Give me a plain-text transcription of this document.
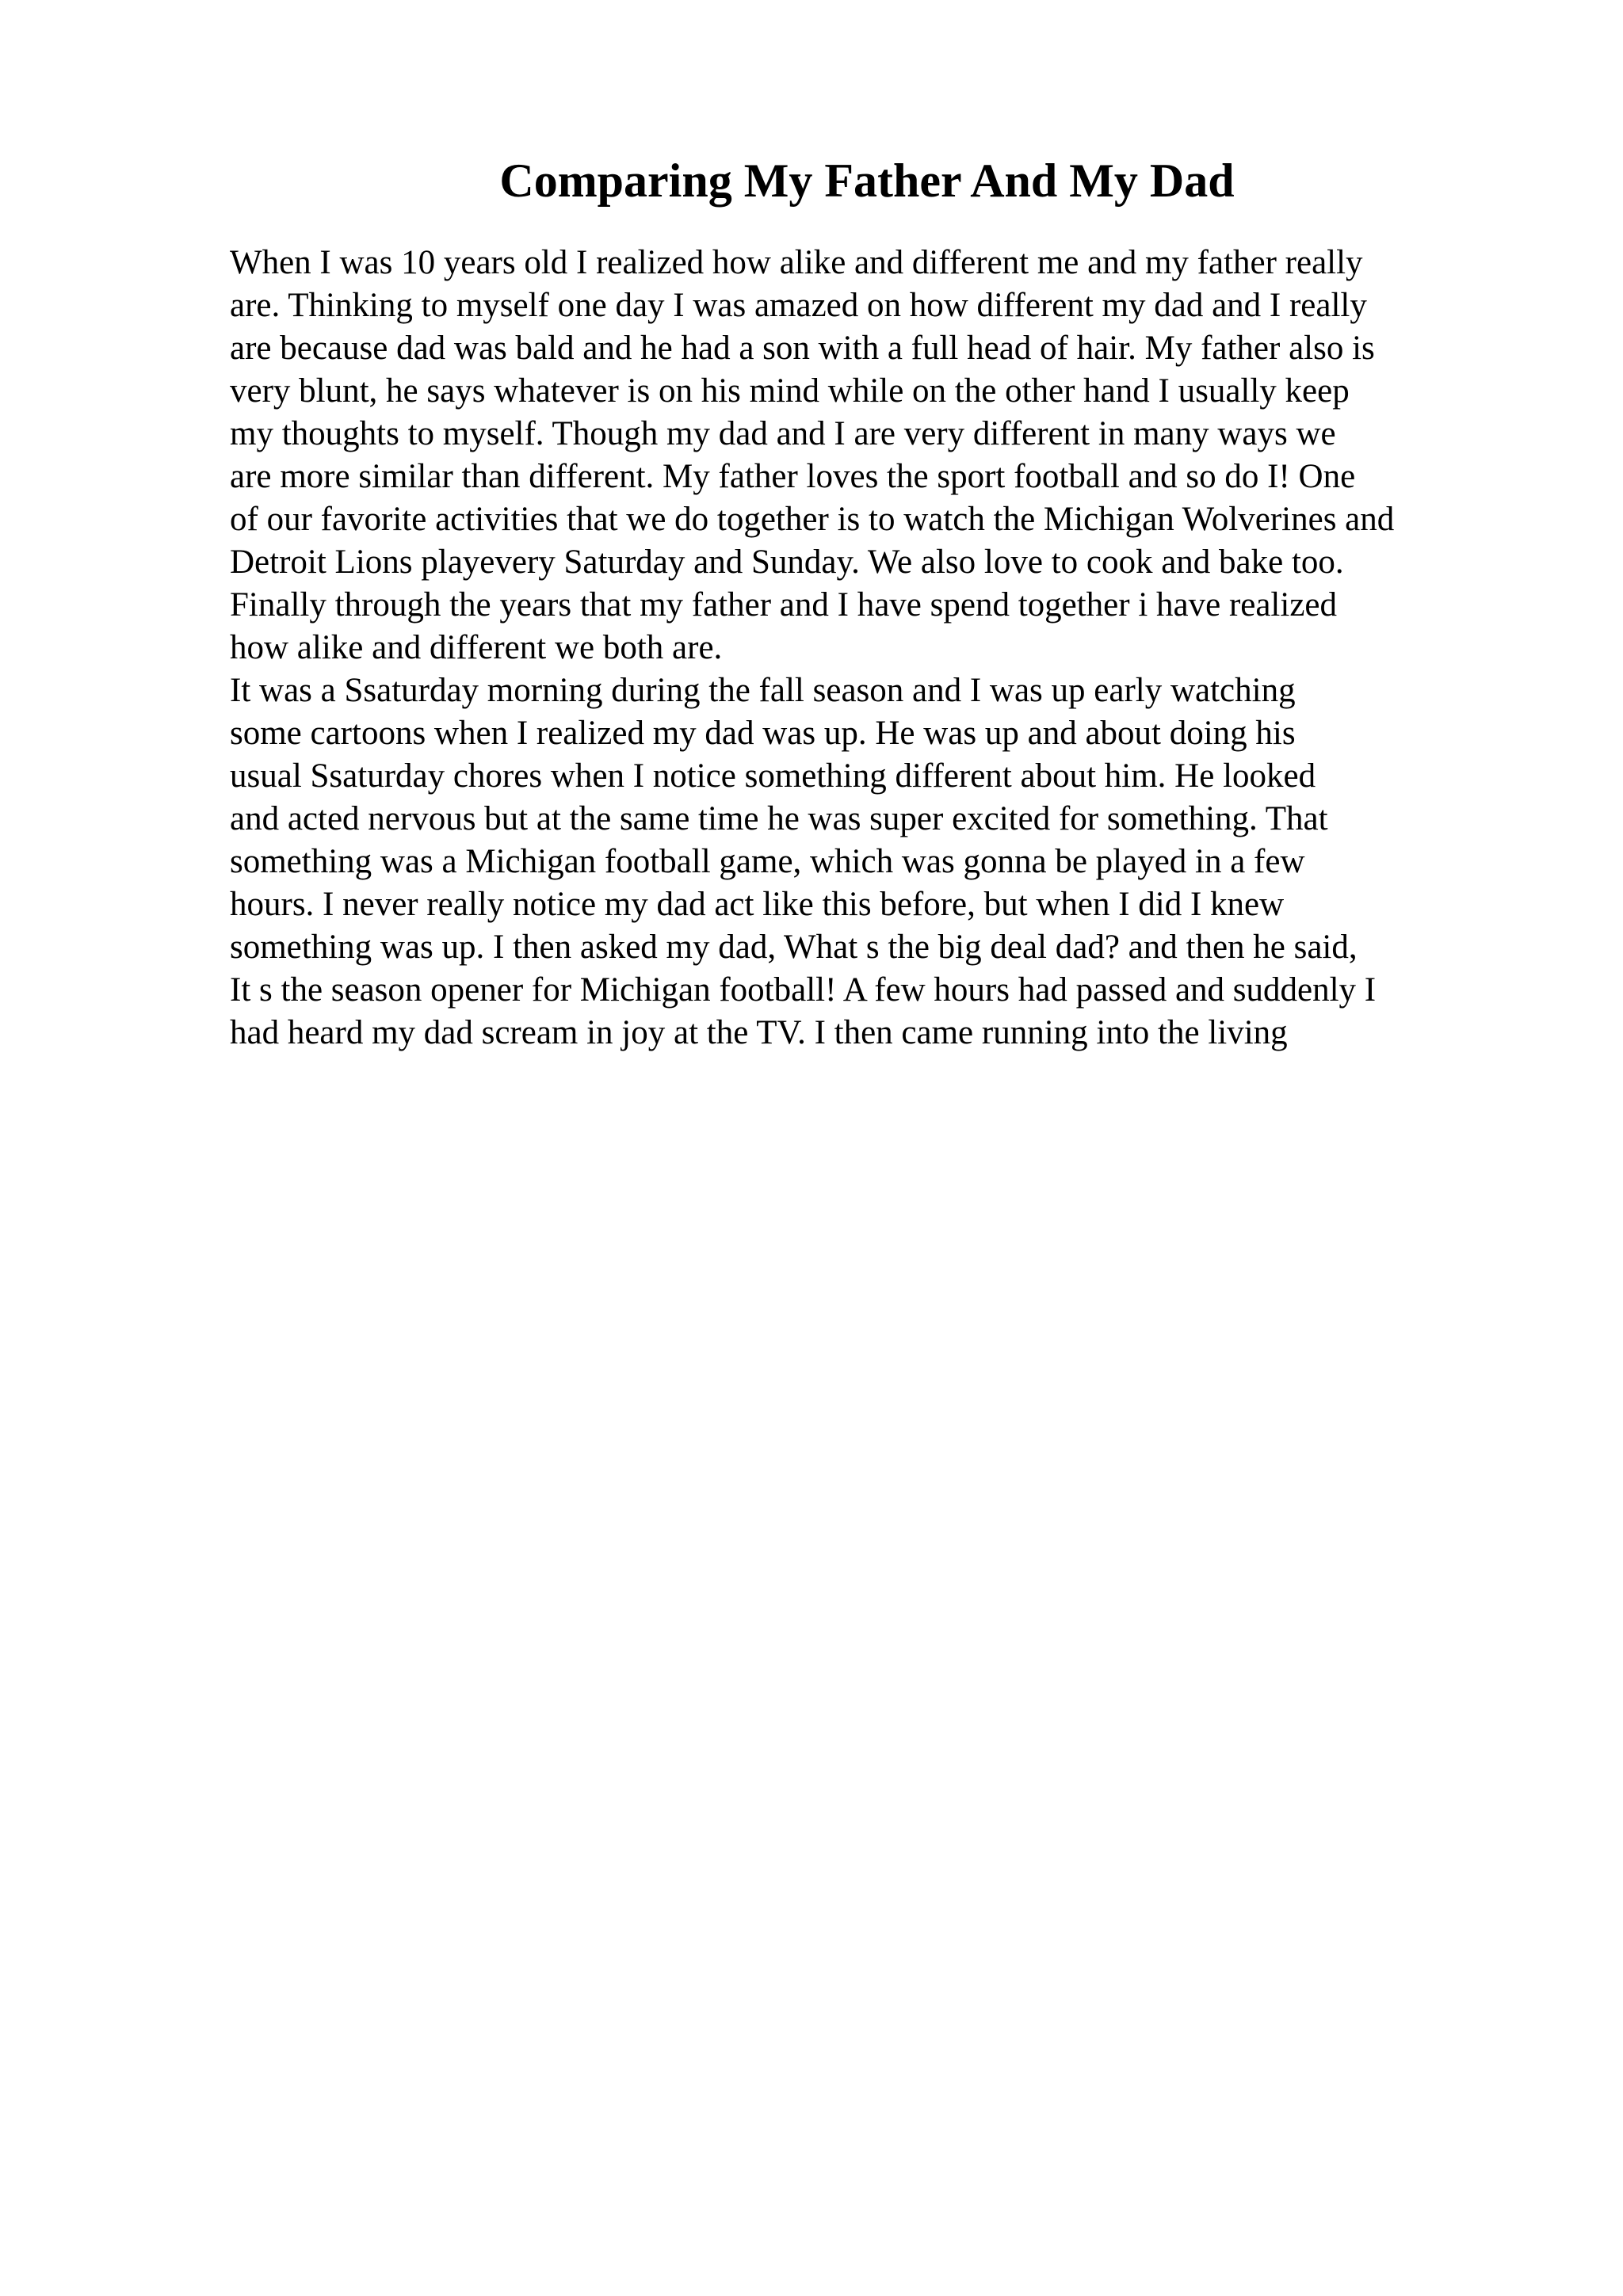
Comparing My Father And My Dad
When I was 10 years old I realized how alike and different me and my father really
are. Thinking to myself one day I was amazed on how different my dad and I really
are because dad was bald and he had a son with a full head of hair. My father also is
very blunt, he says whatever is on his mind while on the other hand I usually keep
my thoughts to myself. Though my dad and I are very different in many ways we
are more similar than different. My father loves the sport football and so do I! One
of our favorite activities that we do together is to watch the Michigan Wolverines and
Detroit Lions playevery Saturday and Sunday. We also love to cook and bake too.
Finally through the years that my father and I have spend together i have realized
how alike and different we both are.
It was a Ssaturday morning during the fall season and I was up early watching
some cartoons when I realized my dad was up. He was up and about doing his
usual Ssaturday chores when I notice something different about him. He looked
and acted nervous but at the same time he was super excited for something. That
something was a Michigan football game, which was gonna be played in a few
hours. I never really notice my dad act like this before, but when I did I knew
something was up. I then asked my dad, What s the big deal dad? and then he said,
It s the season opener for Michigan football! A few hours had passed and suddenly I
had heard my dad scream in joy at the TV. I then came running into the living
